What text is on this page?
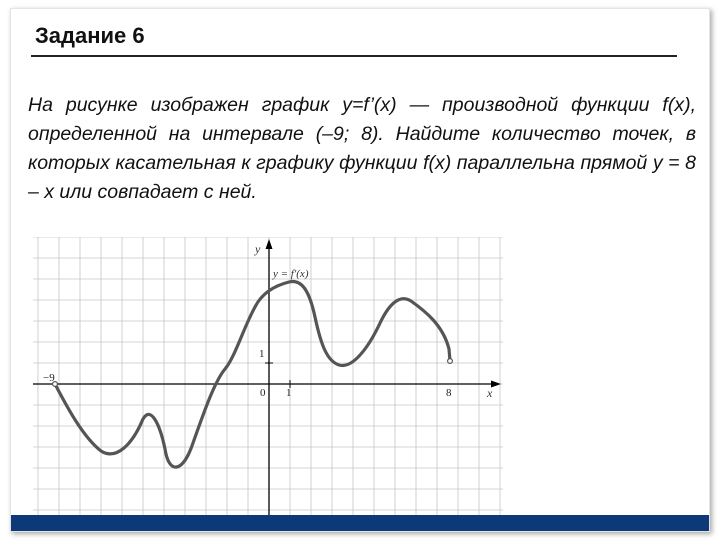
Задание 6
На рисунке изображен график y=f’(x) — производной функции f(x), определенной на интервале (–9; 8). Найдите количество точек, в которых касательная к графику функции f(x) параллельна прямой y = 8 – x или совпадает с ней.
y = f′(x)
y
x
0 1
1
−9
8
